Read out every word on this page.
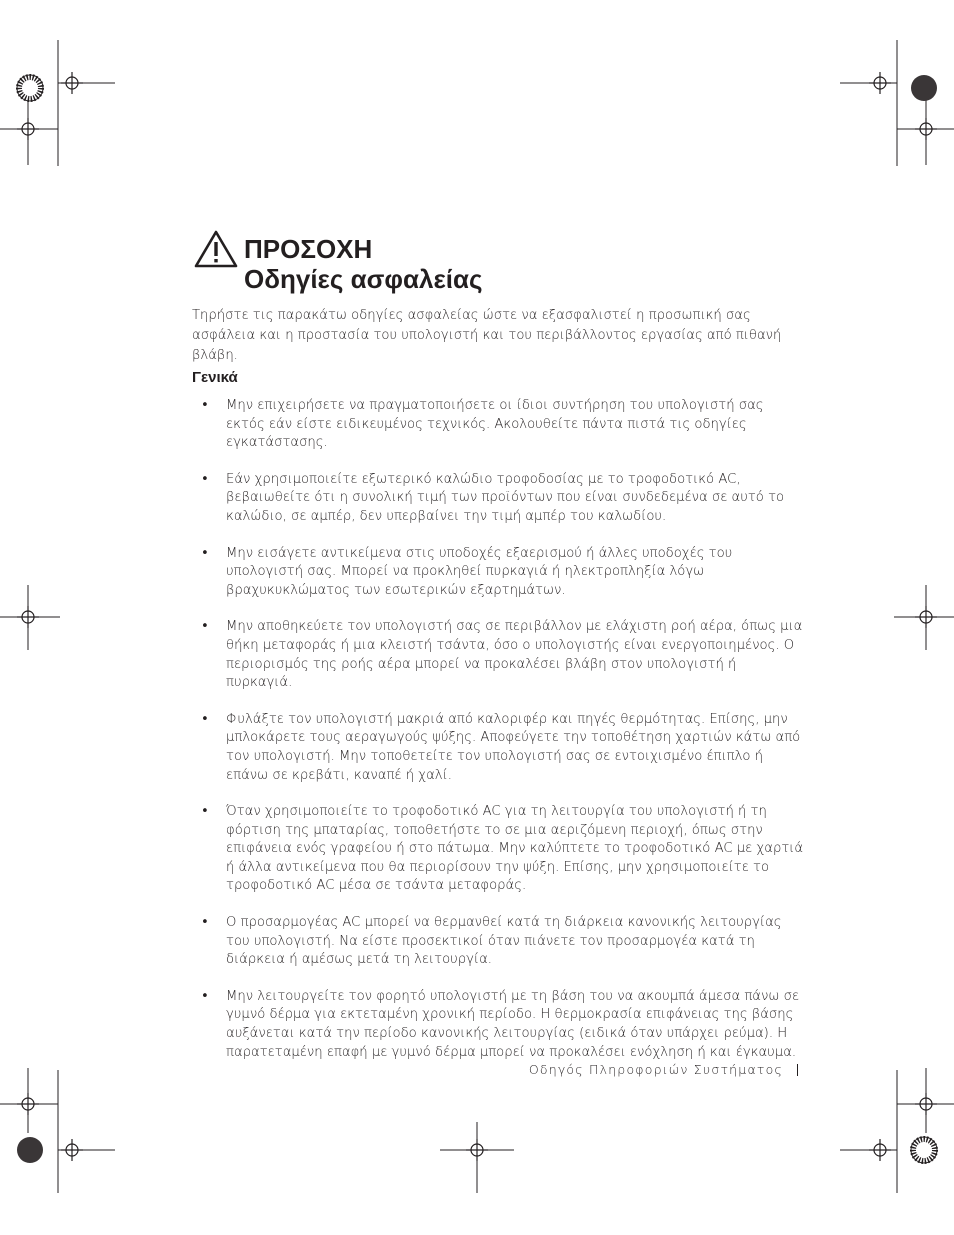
ΠΡΟΣΟΧΗ
Οδηγίες ασφαλείας

Τηρήστε τις παρακάτω οδηγίες ασφαλείας ώστε να εξασφαλιστεί η προσωπική σας ασφάλεια και η προστασία του υπολογιστή και του περιβάλλοντος εργασίας από πιθανή βλάβη.

Γενικά
• Μην επιχειρήσετε να πραγματοποιήσετε οι ίδιοι συντήρηση του υπολογιστή σας εκτός εάν είστε ειδικευμένος τεχνικός. Ακολουθείτε πάντα πιστά τις οδηγίες εγκατάστασης.
• Εάν χρησιμοποιείτε εξωτερικό καλώδιο τροφοδοσίας με το τροφοδοτικό AC, βεβαιωθείτε ότι η συνολική τιμή των προϊόντων που είναι συνδεδεμένα σε αυτό το καλώδιο, σε αμπέρ, δεν υπερβαίνει την τιμή αμπέρ του καλωδίου.
• Μην εισάγετε αντικείμενα στις υποδοχές εξαερισμού ή άλλες υποδοχές του υπολογιστή σας. Μπορεί να προκληθεί πυρκαγιά ή ηλεκτροπληξία λόγω βραχυκυκλώματος των εσωτερικών εξαρτημάτων.
• Μην αποθηκεύετε τον υπολογιστή σας σε περιβάλλον με ελάχιστη ροή αέρα, όπως μια θήκη μεταφοράς ή μια κλειστή τσάντα, όσο ο υπολογιστής είναι ενεργοποιημένος. Ο περιορισμός της ροής αέρα μπορεί να προκαλέσει βλάβη στον υπολογιστή ή πυρκαγιά.
• Φυλάξτε τον υπολογιστή μακριά από καλοριφέρ και πηγές θερμότητας. Επίσης, μην μπλοκάρετε τους αεραγωγούς ψύξης. Αποφεύγετε την τοποθέτηση χαρτιών κάτω από τον υπολογιστή. Μην τοποθετείτε τον υπολογιστή σας σε εντοιχισμένο έπιπλο ή επάνω σε κρεβάτι, καναπέ ή χαλί.
• Όταν χρησιμοποιείτε το τροφοδοτικό AC για τη λειτουργία του υπολογιστή ή τη φόρτιση της μπαταρίας, τοποθετήστε το σε μια αεριζόμενη περιοχή, όπως στην επιφάνεια ενός γραφείου ή στο πάτωμα. Μην καλύπτετε το τροφοδοτικό AC με χαρτιά ή άλλα αντικείμενα που θα περιορίσουν την ψύξη. Επίσης, μην χρησιμοποιείτε το τροφοδοτικό AC μέσα σε τσάντα μεταφοράς.
• Ο προσαρμογέας AC μπορεί να θερμανθεί κατά τη διάρκεια κανονικής λειτουργίας του υπολογιστή. Να είστε προσεκτικοί όταν πιάνετε τον προσαρμογέα κατά τη διάρκεια ή αμέσως μετά τη λειτουργία.
• Μην λειτουργείτε τον φορητό υπολογιστή με τη βάση του να ακουμπά άμεσα πάνω σε γυμνό δέρμα για εκτεταμένη χρονική περίοδο. Η θερμοκρασία επιφάνειας της βάσης αυξάνεται κατά την περίοδο κανονικής λειτουργίας (ειδικά όταν υπάρχει ρεύμα). Η παρατεταμένη επαφή με γυμνό δέρμα μπορεί να προκαλέσει ενόχληση ή και έγκαυμα.
Οδηγός Πληροφοριών Συστήματος
